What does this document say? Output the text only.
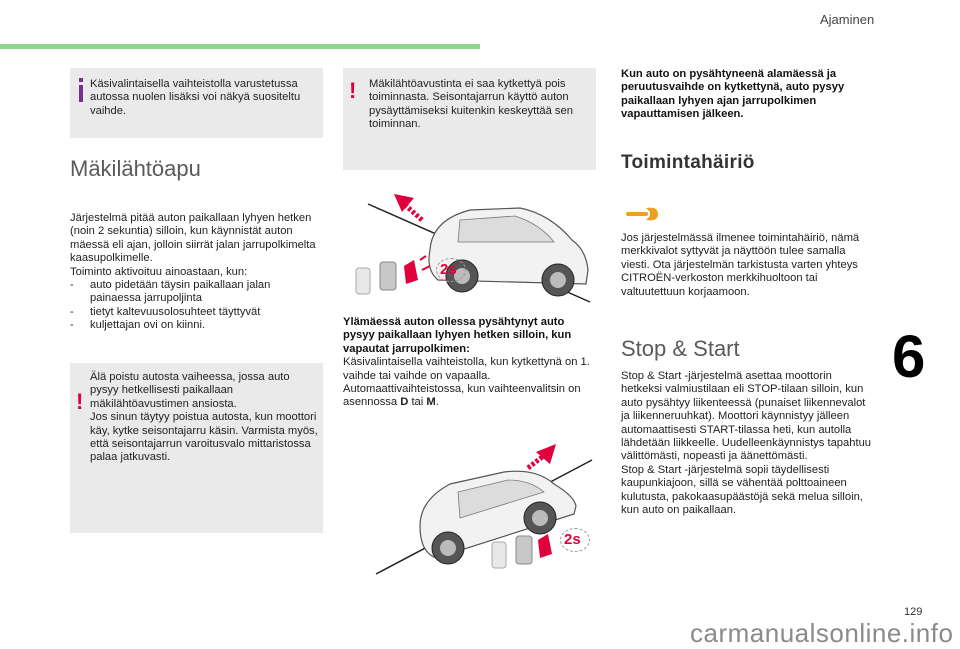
Ajaminen
6
Käsivalintaisella vaihteistolla varustetussa autossa nuolen lisäksi voi näkyä suositeltu vaihde.
Mäkilähtöapu
Järjestelmä pitää auton paikallaan lyhyen hetken (noin 2 sekuntia) silloin, kun käynnistät auton mäessä eli ajan, jolloin siirrät jalan jarrupolkimelta kaasupolkimelle.
Toiminto aktivoituu ainoastaan, kun:
-	auto pidetään täysin paikallaan jalan painaessa jarrupoljinta
-	tietyt kaltevuusolosuhteet täyttyvät
-	kuljettajan ovi on kiinni.
!
Älä poistu autosta vaiheessa, jossa auto pysyy hetkellisesti paikallaan mäkilähtöavustimen ansiosta.
Jos sinun täytyy poistua autosta, kun moottori käy, kytke seisontajarru käsin. Varmista myös, että seisontajarrun varoitusvalo mittaristossa palaa jatkuvasti.
! Mäkilähtöavustinta ei saa kytkettyä pois toiminnasta. Seisontajarrun käyttö auton pysäyttämiseksi kuitenkin keskeyttää sen toiminnan.
2s
Ylämäessä auton ollessa pysähtynyt auto pysyy paikallaan lyhyen hetken silloin, kun vapautat jarrupolkimen:
Käsivalintaisella vaihteistolla, kun kytkettynä on 1. vaihde tai vaihde on vapaalla. Automaattivaihteistossa, kun vaihteenvalitsin on asennossa D tai M.
2s
Kun auto on pysähtyneenä alamäessä ja peruutusvaihde on kytkettynä, auto pysyy paikallaan lyhyen ajan jarrupolkimen vapauttamisen jälkeen.
Toimintahäiriö
Jos järjestelmässä ilmenee toimintahäiriö, nämä merkkivalot syttyvät ja näyttöön tulee samalla viesti. Ota järjestelmän tarkistusta varten yhteys CITROËN-verkoston merkkihuoltoon tai valtuutettuun korjaamoon.
Stop & Start
Stop & Start -järjestelmä asettaa moottorin hetkeksi valmiustilaan eli STOP-tilaan silloin, kun auto pysähtyy liikenteessä (punaiset liikennevalot ja liikenneruuhkat). Moottori käynnistyy jälleen automaattisesti START-tilassa heti, kun autolla lähdetään liikkeelle. Uudelleenkäynnistys tapahtuu välittömästi, nopeasti ja äänettömästi.
Stop & Start -järjestelmä sopii täydellisesti kaupunkiajoon, sillä se vähentää polttoaineen kulutusta, pakokaasupäästöjä sekä melua silloin, kun auto on paikallaan.
129
carmanualsonline.info
